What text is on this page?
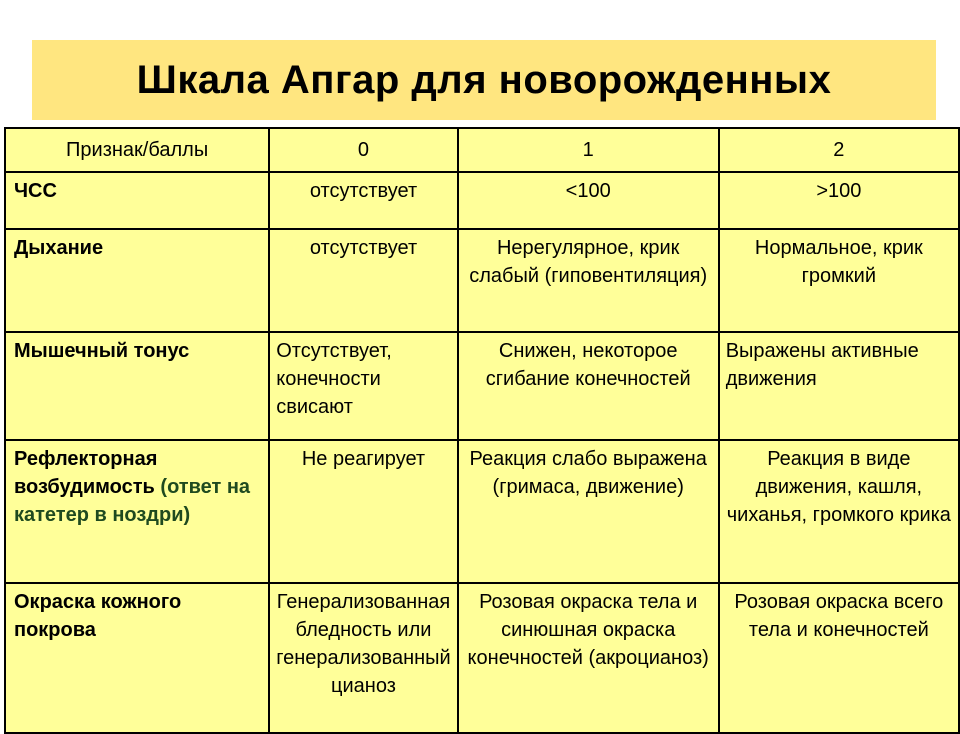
Шкала Апгар для новорожденных
Признак/баллы	0	1	2
ЧСС	отсутствует	<100	>100
Дыхание	отсутствует	Нерегулярное, крик слабый (гиповентиляция)	Нормальное, крик громкий
Мышечный тонус	Отсутствует, конечности свисают	Снижен, некоторое сгибание конечностей	Выражены активные движения
Рефлекторная возбудимость (ответ на катетер в ноздри)	Не реагирует	Реакция слабо выражена (гримаса, движение)	Реакция в виде движения, кашля, чиханья, громкого крика
Окраска кожного покрова	Генерализованная бледность или генерализованный цианоз	Розовая окраска тела и синюшная окраска конечностей (акроцианоз)	Розовая окраска всего тела и конечностей
